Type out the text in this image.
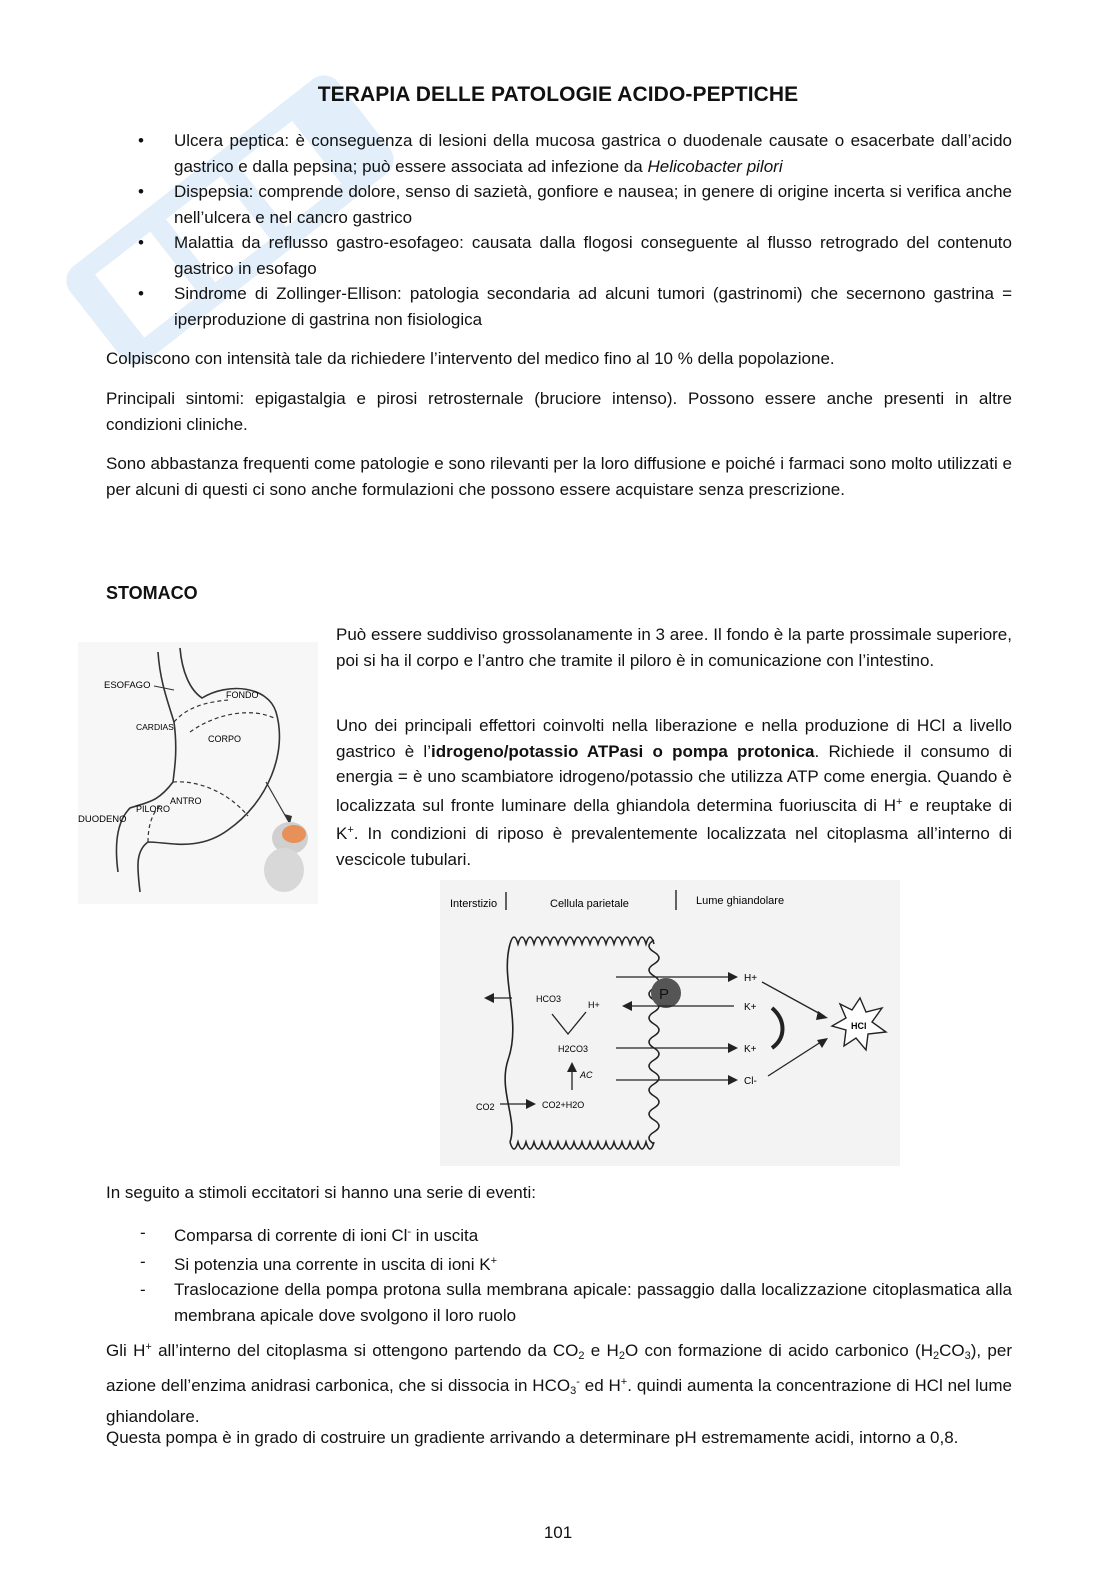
TERAPIA DELLE PATOLOGIE ACIDO-PEPTICHE
• Ulcera peptica: è conseguenza di lesioni della mucosa gastrica o duodenale causate o esacerbate dall’acido gastrico e dalla pepsina; può essere associata ad infezione da Helicobacter pilori
• Dispepsia: comprende dolore, senso di sazietà, gonfiore e nausea; in genere di origine incerta si verifica anche nell’ulcera e nel cancro gastrico
• Malattia da reflusso gastro-esofageo: causata dalla flogosi conseguente al flusso retrogrado del contenuto gastrico in esofago
• Sindrome di Zollinger-Ellison: patologia secondaria ad alcuni tumori (gastrinomi) che secernono gastrina = iperproduzione di gastrina non fisiologica

Colpiscono con intensità tale da richiedere l’intervento del medico fino al 10 % della popolazione.

Principali sintomi: epigastalgia e pirosi retrosternale (bruciore intenso). Possono essere anche presenti in altre condizioni cliniche.

Sono abbastanza frequenti come patologie e sono rilevanti per la loro diffusione e poiché i farmaci sono molto utilizzati e per alcuni di questi ci sono anche formulazioni che possono essere acquistare senza prescrizione.

STOMACO

Può essere suddiviso grossolanamente in 3 aree. Il fondo è la parte prossimale superiore, poi si ha il corpo e l’antro che tramite il piloro è in comunicazione con l’intestino.

Uno dei principali effettori coinvolti nella liberazione e nella produzione di HCl a livello gastrico è l’idrogeno/potassio ATPasi o pompa protonica. Richiede il consumo di energia = è uno scambiatore idrogeno/potassio che utilizza ATP come energia. Quando è localizzata sul fronte luminare della ghiandola determina fuoriuscita di H+ e reuptake di K+. In condizioni di riposo è prevalentemente localizzata nel citoplasma all’interno di vescicole tubulari.

ESOFAGO
FONDO
CARDIAS
CORPO
ANTRO
PILORO
DUODENO
Interstizio	Cellula parietale	Lume ghiandolare
P
H+
K+
K+
Cl-
HCl
HCO3
H+
H2CO3
AC
CO2	CO2+H2O

In seguito a stimoli eccitatori si hanno una serie di eventi:

- Comparsa di corrente di ioni Cl- in uscita
- Si potenzia una corrente in uscita di ioni K+
- Traslocazione della pompa protona sulla membrana apicale: passaggio dalla localizzazione citoplasmatica alla membrana apicale dove svolgono il loro ruolo

Gli H+ all’interno del citoplasma si ottengono partendo da $CO_2$ e $H_2O$ con formazione di acido carbonico $(H_2CO_3)$, per azione dell’enzima anidrasi carbonica, che si dissocia in $HCO_3^-$ ed H+. quindi aumenta la concentrazione di HCl nel lume ghiandolare.

Questa pompa è in grado di costruire un gradiente arrivando a determinare pH estremamente acidi, intorno a 0,8.

101
